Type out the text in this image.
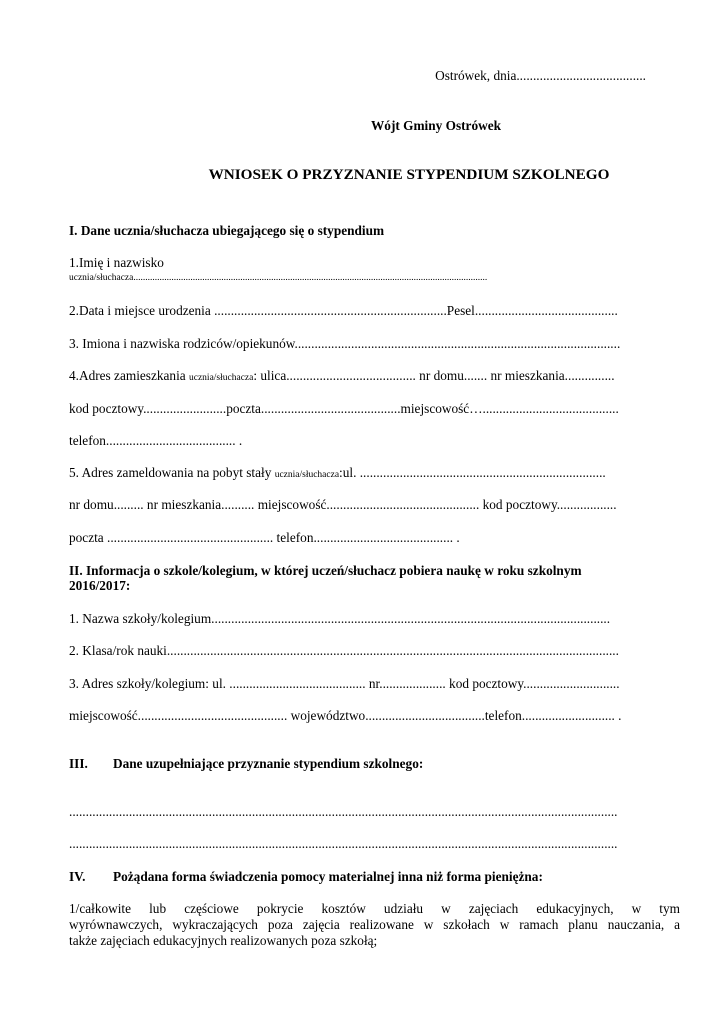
Ostrówek, dnia.......................................
Wójt Gminy Ostrówek
WNIOSEK O PRZYZNANIE STYPENDIUM SZKOLNEGO
I. Dane ucznia/słuchacza ubiegającego się o stypendium
1.Imię i nazwisko
ucznia/słuchacza.....................................................................................................................................................
2.Data i miejsce urodzenia ......................................................................Pesel...........................................
3. Imiona i nazwiska rodziców/opiekunów..................................................................................................
4.Adres zamieszkania ucznia/słuchacza: ulica....................................... nr domu....... nr mieszkania...............
kod pocztowy.........................poczta..........................................miejscowość….........................................
telefon....................................... .
5. Adres zameldowania na pobyt stały ucznia/słuchacza:ul. ..........................................................................
nr domu......... nr mieszkania.......... miejscowość.............................................. kod pocztowy..................
poczta .................................................. telefon.......................................... .
II. Informacja o szkole/kolegium, w której uczeń/słuchacz pobiera naukę w roku szkolnym
2016/2017:
1. Nazwa szkoły/kolegium........................................................................................................................
2. Klasa/rok nauki........................................................................................................................................
3. Adres szkoły/kolegium: ul. ......................................... nr.................... kod pocztowy.............................
miejscowość............................................. województwo....................................telefon............................ .
III. Dane uzupełniające przyznanie stypendium szkolnego:
.....................................................................................................................................................................
.....................................................................................................................................................................
IV. Pożądana forma świadczenia pomocy materialnej inna niż forma pieniężna:
1/całkowite lub częściowe pokrycie kosztów udziału w zajęciach edukacyjnych, w tym
wyrównawczych, wykraczających poza zajęcia realizowane w szkołach w ramach planu nauczania, a
także zajęciach edukacyjnych realizowanych poza szkołą;
